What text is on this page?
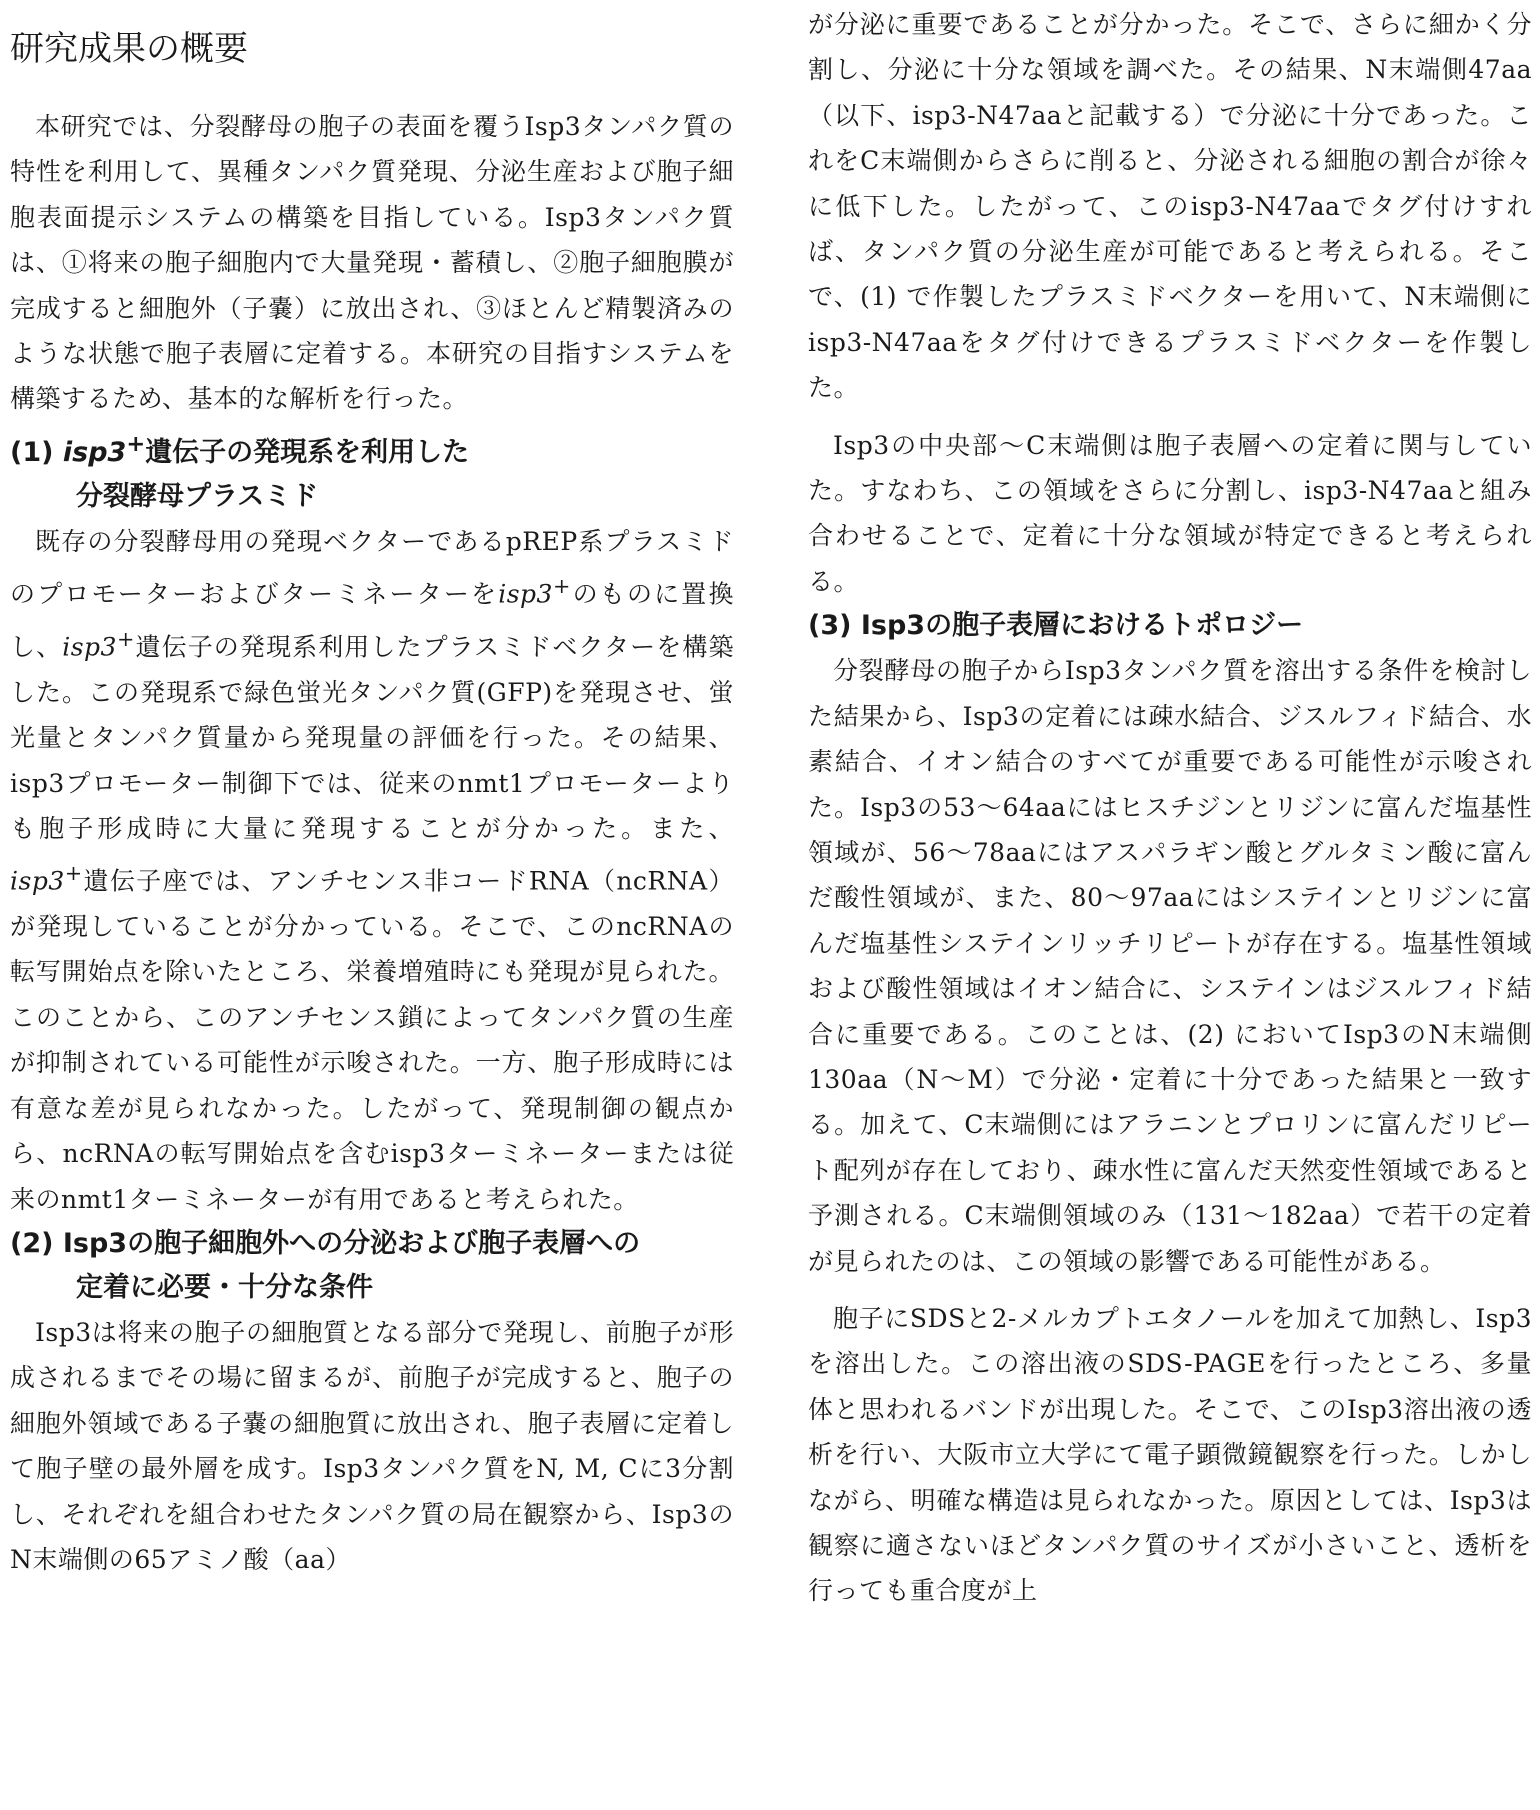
研究成果の概要

本研究では、分裂酵母の胞子の表面を覆うIsp3タンパク質の特性を利用して、異種タンパク質発現、分泌生産および胞子細胞表面提示システムの構築を目指している。Isp3タンパク質は、①将来の胞子細胞内で大量発現・蓄積し、②胞子細胞膜が完成すると細胞外（子嚢）に放出され、③ほとんど精製済みのような状態で胞子表層に定着する。本研究の目指すシステムを構築するため、基本的な解析を行った。

(1) isp3+遺伝子の発現系を利用した
分裂酵母プラスミド

既存の分裂酵母用の発現ベクターであるpREP系プラスミドのプロモーターおよびターミネーターをisp3+のものに置換し、isp3+遺伝子の発現系利用したプラスミドベクターを構築した。この発現系で緑色蛍光タンパク質(GFP)を発現させ、蛍光量とタンパク質量から発現量の評価を行った。その結果、isp3プロモーター制御下では、従来のnmt1プロモーターよりも胞子形成時に大量に発現することが分かった。また、isp3+遺伝子座では、アンチセンス非コードRNA（ncRNA）が発現していることが分かっている。そこで、このncRNAの転写開始点を除いたところ、栄養増殖時にも発現が見られた。このことから、このアンチセンス鎖によってタンパク質の生産が抑制されている可能性が示唆された。一方、胞子形成時には有意な差が見られなかった。したがって、発現制御の観点から、ncRNAの転写開始点を含むisp3ターミネーターまたは従来のnmt1ターミネーターが有用であると考えられた。

(2) Isp3の胞子細胞外への分泌および胞子表層への
定着に必要・十分な条件

Isp3は将来の胞子の細胞質となる部分で発現し、前胞子が形成されるまでその場に留まるが、前胞子が完成すると、胞子の細胞外領域である子嚢の細胞質に放出され、胞子表層に定着して胞子壁の最外層を成す。Isp3タンパク質をN, M, Cに3分割し、それぞれを組合わせたタンパク質の局在観察から、Isp3のN末端側の65アミノ酸（aa）

が分泌に重要であることが分かった。そこで、さらに細かく分割し、分泌に十分な領域を調べた。その結果、N末端側47aa（以下、isp3-N47aaと記載する）で分泌に十分であった。これをC末端側からさらに削ると、分泌される細胞の割合が徐々に低下した。したがって、このisp3-N47aaでタグ付けすれば、タンパク質の分泌生産が可能であると考えられる。そこで、(1) で作製したプラスミドベクターを用いて、N末端側にisp3-N47aaをタグ付けできるプラスミドベクターを作製した。

Isp3の中央部～C末端側は胞子表層への定着に関与していた。すなわち、この領域をさらに分割し、isp3-N47aaと組み合わせることで、定着に十分な領域が特定できると考えられる。

(3) Isp3の胞子表層におけるトポロジー

分裂酵母の胞子からIsp3タンパク質を溶出する条件を検討した結果から、Isp3の定着には疎水結合、ジスルフィド結合、水素結合、イオン結合のすべてが重要である可能性が示唆された。Isp3の53～64aaにはヒスチジンとリジンに富んだ塩基性領域が、56～78aaにはアスパラギン酸とグルタミン酸に富んだ酸性領域が、また、80～97aaにはシステインとリジンに富んだ塩基性システインリッチリピートが存在する。塩基性領域および酸性領域はイオン結合に、システインはジスルフィド結合に重要である。このことは、(2) においてIsp3のN末端側130aa（N～M）で分泌・定着に十分であった結果と一致する。加えて、C末端側にはアラニンとプロリンに富んだリピート配列が存在しており、疎水性に富んだ天然変性領域であると予測される。C末端側領域のみ（131～182aa）で若干の定着が見られたのは、この領域の影響である可能性がある。

胞子にSDSと2-メルカプトエタノールを加えて加熱し、Isp3を溶出した。この溶出液のSDS-PAGEを行ったところ、多量体と思われるバンドが出現した。そこで、このIsp3溶出液の透析を行い、大阪市立大学にて電子顕微鏡観察を行った。しかしながら、明確な構造は見られなかった。原因としては、Isp3は観察に適さないほどタンパク質のサイズが小さいこと、透析を行っても重合度が上
